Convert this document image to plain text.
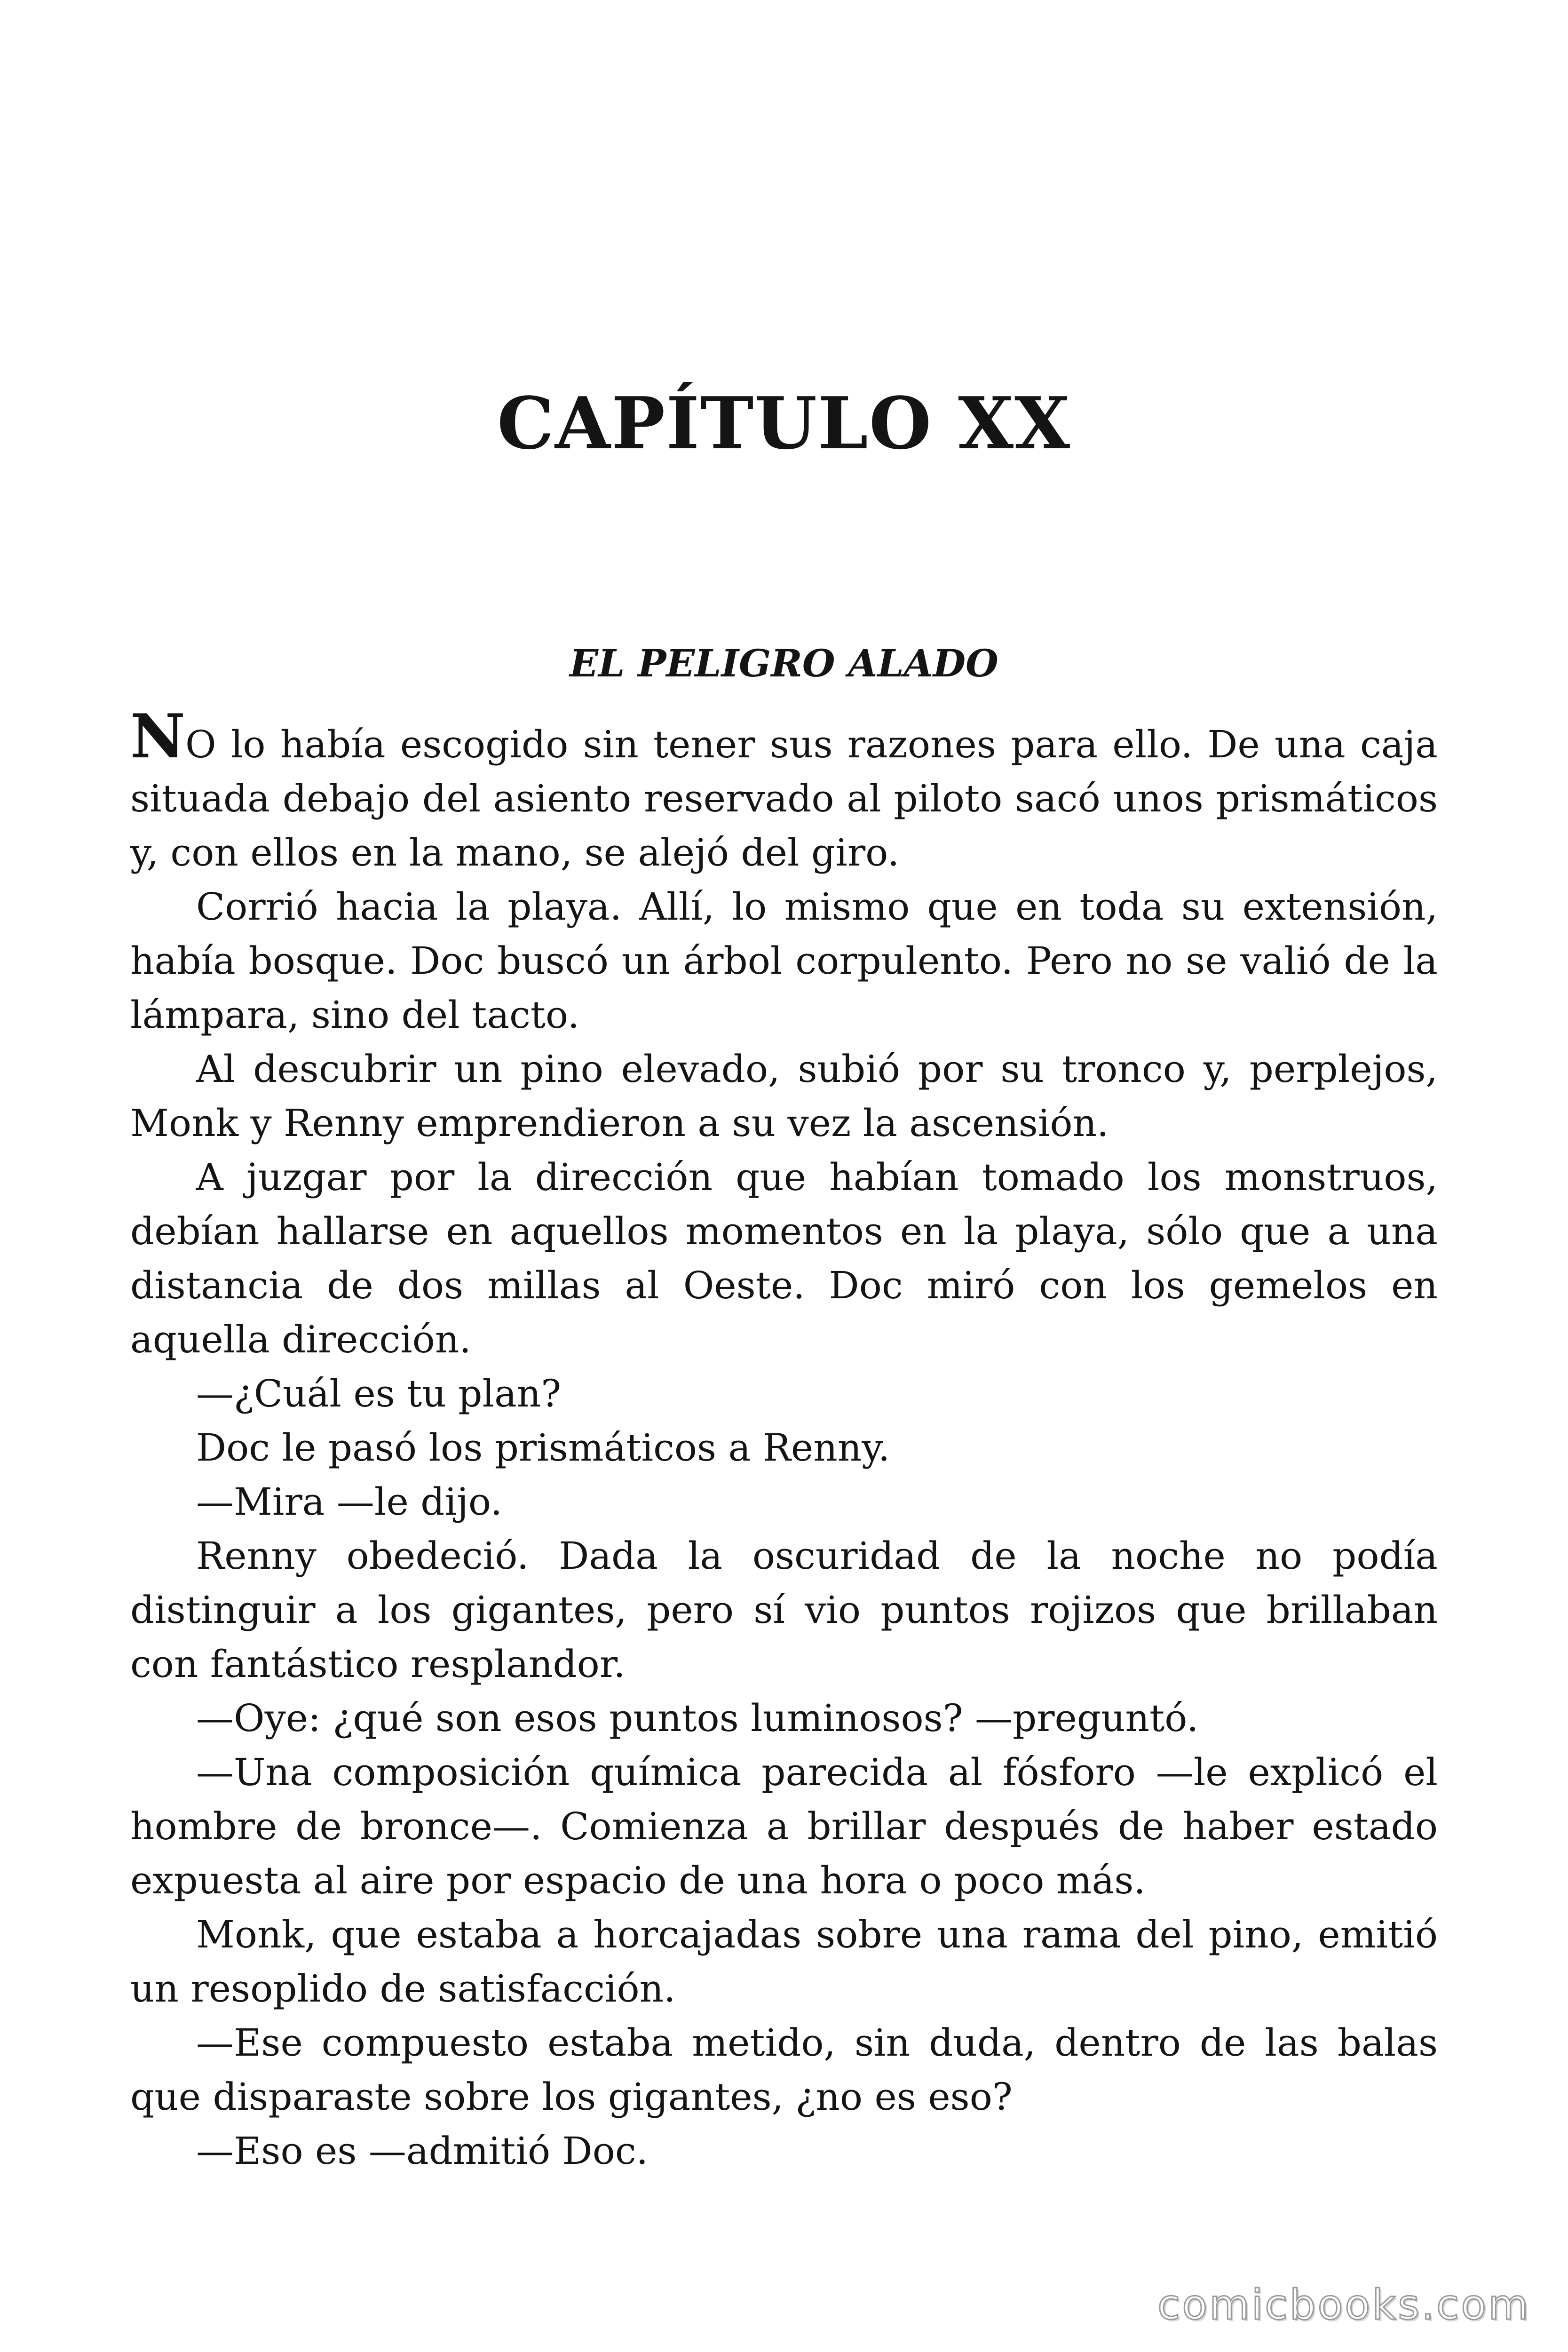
CAPÍTULO XX
EL PELIGRO ALADO

NO lo había escogido sin tener sus razones para ello. De una caja situada debajo del asiento reservado al piloto sacó unos prismáticos y, con ellos en la mano, se alejó del giro.

Corrió hacia la playa. Allí, lo mismo que en toda su extensión, había bosque. Doc buscó un árbol corpulento. Pero no se valió de la lámpara, sino del tacto.

Al descubrir un pino elevado, subió por su tronco y, perplejos, Monk y Renny emprendieron a su vez la ascensión.

A juzgar por la dirección que habían tomado los monstruos, debían hallarse en aquellos momentos en la playa, sólo que a una distancia de dos millas al Oeste. Doc miró con los gemelos en aquella dirección.

—¿Cuál es tu plan?

Doc le pasó los prismáticos a Renny.

—Mira —le dijo.

Renny obedeció. Dada la oscuridad de la noche no podía distinguir a los gigantes, pero sí vio puntos rojizos que brillaban con fantástico resplandor.

—Oye: ¿qué son esos puntos luminosos? —preguntó.

—Una composición química parecida al fósforo —le explicó el hombre de bronce—. Comienza a brillar después de haber estado expuesta al aire por espacio de una hora o poco más.

Monk, que estaba a horcajadas sobre una rama del pino, emitió un resoplido de satisfacción.

—Ese compuesto estaba metido, sin duda, dentro de las balas que disparaste sobre los gigantes, ¿no es eso?

—Eso es —admitió Doc.

comicbooks.com
